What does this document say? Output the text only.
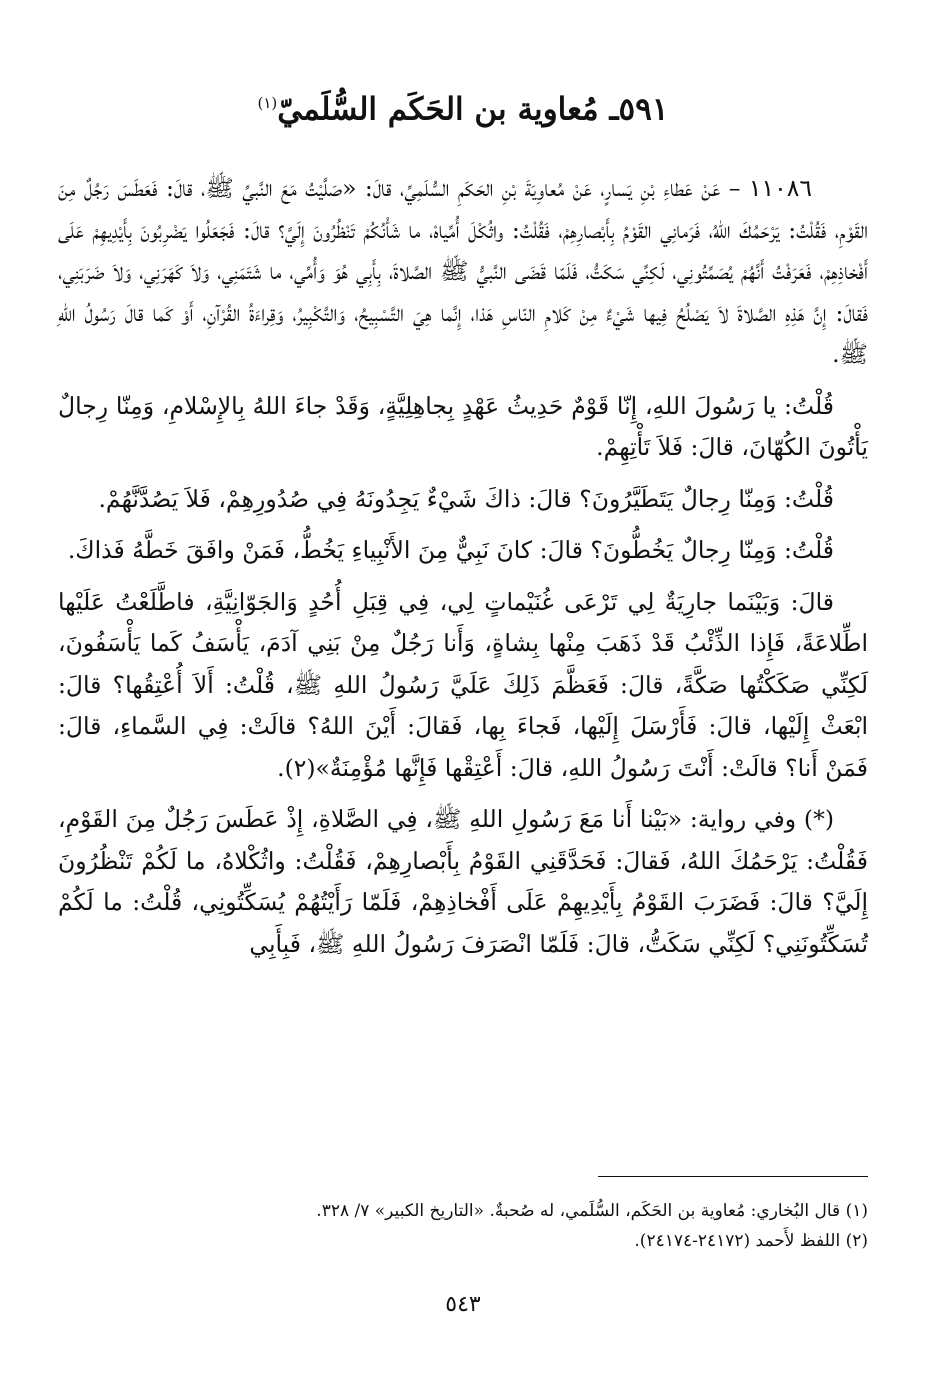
٥٩١ـ مُعاوية بن الحَكَم السُّلَميّ$^{(١)}$

١١٠٨٦ – عَنْ عَطاءِ بْنِ يَسارٍ، عَنْ مُعاوِيَةَ بْنِ الحَكَمِ السُّلَمِيِّ، قالَ: «صَلَّيْتُ مَعَ النَّبيِّ ﷺ، قالَ: فَعَطَسَ رَجُلٌ مِنَ القَوْمِ، فَقُلْتُ: يَرْحَمُكَ اللهُ، فَرَمانِي القَوْمُ بِأَبْصارِهِمْ، فَقُلْتُ: واثُكْلَ أُمِّياهْ، ما شَأْنُكُمْ تَنْظُرُونَ إِلَيَّ؟ قالَ: فَجَعَلُوا يَضْرِبُونَ بِأَيْدِيهِمْ عَلَى أَفْخاذِهِمْ، فَعَرَفْتُ أَنَّهُمْ يُصَمِّتُونِي، لَكِنِّي سَكَتُّ، فَلَمّا قَضَى النَّبيُّ ﷺ الصَّلاةَ، بِأَبِي هُوَ وَأُمِّي، ما شَتَمَنِي، وَلاَ كَهَرَنِي، وَلاَ ضَرَبَنِي، فَقالَ: إِنَّ هَذِهِ الصَّلاةَ لاَ يَصْلُحُ فِيها شَيْءٌ مِنْ كَلامِ النّاسِ هَذا، إِنَّما هِيَ التَّسْبِيحُ، وَالتَّكْبِيرُ، وَقِراءَةُ القُرْآنِ، أَوْ كَما قالَ رَسُولُ اللهِ ﷺ.

قُلْتُ: يا رَسُولَ اللهِ، إِنّا قَوْمٌ حَدِيثُ عَهْدٍ بِجاهِلِيَّةٍ، وَقَدْ جاءَ اللهُ بِالإِسْلامِ، وَمِنّا رِجالٌ يَأْتُونَ الكُهّانَ، قالَ: فَلاَ تَأْتِهِمْ.

قُلْتُ: وَمِنّا رِجالٌ يَتَطَيَّرُونَ؟ قالَ: ذاكَ شَيْءٌ يَجِدُونَهُ فِي صُدُورِهِمْ، فَلاَ يَصُدَّنَّهُمْ.

قُلْتُ: وَمِنّا رِجالٌ يَخُطُّونَ؟ قالَ: كانَ نَبِيٌّ مِنَ الأَنْبِياءِ يَخُطُّ، فَمَنْ وافَقَ خَطَّهُ فَذاكَ.

قالَ: وَبَيْنَما جارِيَةٌ لِي تَرْعَى غُنَيْماتٍ لِي، فِي قِبَلِ أُحُدٍ وَالجَوّانِيَّةِ، فاطَّلَعْتُ عَلَيْها اطِّلاعَةً، فَإِذا الذِّئْبُ قَدْ ذَهَبَ مِنْها بِشاةٍ، وَأَنا رَجُلٌ مِنْ بَنِي آدَمَ، يَأْسَفُ كَما يَأْسَفُونَ، لَكِنِّي صَكَكْتُها صَكَّةً، قالَ: فَعَظَّمَ ذَلِكَ عَلَيَّ رَسُولُ اللهِ ﷺ، قُلْتُ: أَلاَ أُعْتِقُها؟ قالَ: ابْعَثْ إِلَيْها، قالَ: فَأَرْسَلَ إِلَيْها، فَجاءَ بِها، فَقالَ: أَيْنَ اللهُ؟ قالَتْ: فِي السَّماءِ، قالَ: فَمَنْ أَنا؟ قالَتْ: أَنْتَ رَسُولُ اللهِ، قالَ: أَعْتِقْها فَإِنَّها مُؤْمِنَةٌ»(٢).

(*) وفي رواية: «بَيْنا أَنا مَعَ رَسُولِ اللهِ ﷺ، فِي الصَّلاةِ، إِذْ عَطَسَ رَجُلٌ مِنَ القَوْمِ، فَقُلْتُ: يَرْحَمُكَ اللهُ، فَقالَ: فَحَدَّقَنِي القَوْمُ بِأَبْصارِهِمْ، فَقُلْتُ: واثُكْلاهُ، ما لَكُمْ تَنْظُرُونَ إِلَيَّ؟ قالَ: فَضَرَبَ القَوْمُ بِأَيْدِيهِمْ عَلَى أَفْخاذِهِمْ، فَلَمّا رَأَيْتُهُمْ يُسَكِّتُونِي، قُلْتُ: ما لَكُمْ تُسَكِّتُونَنِي؟ لَكِنِّي سَكَتُّ، قالَ: فَلَمّا انْصَرَفَ رَسُولُ اللهِ ﷺ، فَبِأَبِي

(١) قال البُخاري: مُعاوية بن الحَكَم، السُّلَمي، له صُحبةٌ. «التاريخ الكبير» ٧/ ٣٢٨.
(٢) اللفظ لأَحمد (٢٤١٧٢-٢٤١٧٤).
٥٤٣
